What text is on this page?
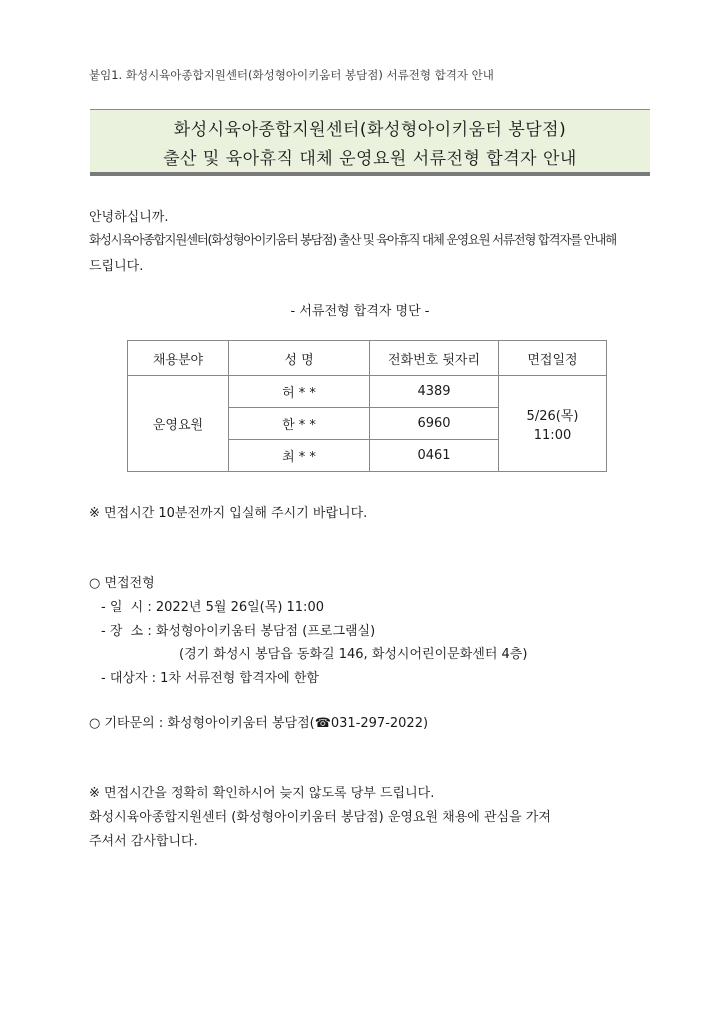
붙임1. 화성시육아종합지원센터(화성형아이키움터 봉담점) 서류전형 합격자 안내
화성시육아종합지원센터(화성형아이키움터 봉담점)
출산 및 육아휴직 대체 운영요원 서류전형 합격자 안내
안녕하십니까.
화성시육아종합지원센터(화성형아이키움터 봉담점) 출산 및 육아휴직 대체 운영요원 서류전형 합격자를 안내해
드립니다.
- 서류전형 합격자 명단 -
채용분야	성 명	전화번호 뒷자리	면접일정
운영요원	허 * *	4389	5/26(목)
11:00

	한 * *	6960	
	최 * *	0461	
※ 면접시간 10분전까지 입실해 주시기 바랍니다.
○ 면접전형
- 일  시 : 2022년 5월 26일(목) 11:00
- 장  소 : 화성형아이키움터 봉담점 (프로그램실)
(경기 화성시 봉담읍 동화길 146, 화성시어린이문화센터 4층)
- 대상자 : 1차 서류전형 합격자에 한함
○ 기타문의 : 화성형아이키움터 봉담점(☎031-297-2022)
※ 면접시간을 정확히 확인하시어 늦지 않도록 당부 드립니다.
화성시육아종합지원센터 (화성형아이키움터 봉담점) 운영요원 채용에 관심을 가져
주셔서 감사합니다.
